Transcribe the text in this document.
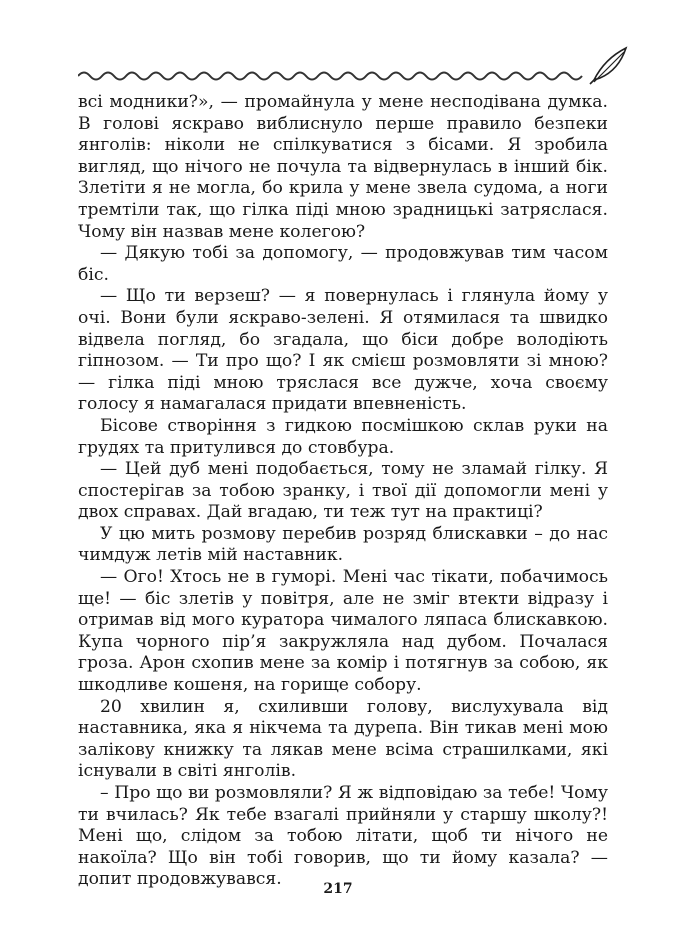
всі модники?», — промайнула у мене несподівана думка. В голові яскраво виблиснуло перше правило безпеки янголів: ніколи не спілкуватися з бісами. Я зробила вигляд, що нічого не почула та відвернулась в інший бік. Злетіти я не могла, бо крила у мене звела судома, а ноги тремтіли так, що гілка піді мною зрадницькі затряслася. Чому він назвав мене колегою?

— Дякую тобі за допомогу, — продовжував тим часом біс.

— Що ти верзеш? — я повернулась і глянула йому у очі. Вони були яскраво-зелені. Я отямилася та швидко відвела погляд, бо згадала, що біси добре володіють гіпнозом. — Ти про що? І як смієш розмовляти зі мною? — гілка піді мною тряслася все дужче, хоча своєму голосу я намагалася придати впевненість.

Бісове створіння з гидкою посмішкою склав руки на грудях та притулився до стовбура.

— Цей дуб мені подобається, тому не зламай гілку. Я спостерігав за тобою зранку, і твої дії допомогли мені у двох справах. Дай вгадаю, ти теж тут на практиці?

У цю мить розмову перебив розряд блискавки – до нас чимдуж летів мій наставник.

— Ого! Хтось не в гуморі. Мені час тікати, побачимось ще! — біс злетів у повітря, але не зміг втекти відразу і отримав від мого куратора чималого ляпаса блискавкою. Купа чорного пір’я закружляла над дубом. Почалася гроза. Арон схопив мене за комір і потягнув за собою, як шкодливе кошеня, на горище собору.

20 хвилин я, схиливши голову, вислухувала від наставника, яка я нікчема та дурепа. Він тикав мені мою залікову книжку та лякав мене всіма страшилками, які існували в світі янголів.

– Про що ви розмовляли? Я ж відповідаю за тебе! Чому ти вчилась? Як тебе взагалі прийняли у старшу школу?! Мені що, слідом за тобою літати, щоб ти нічого не накоїла? Що він тобі говорив, що ти йому казала? — допит продовжувався.	217
